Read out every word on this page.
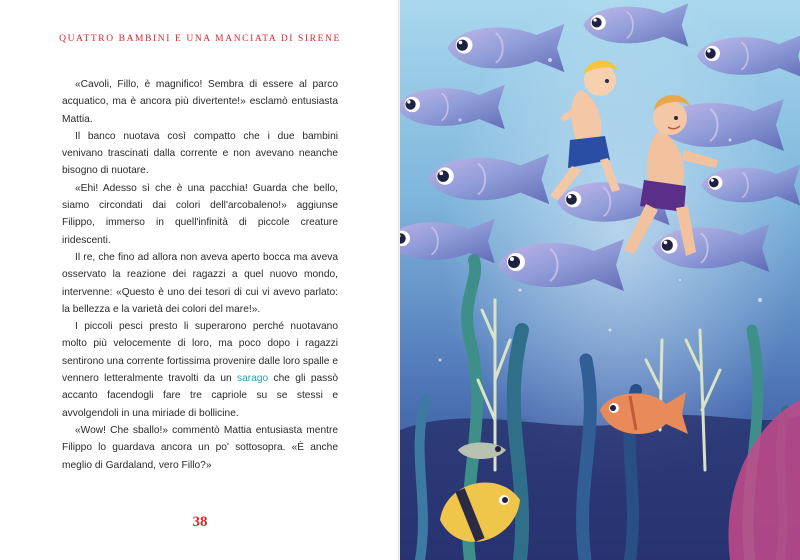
QUATTRO BAMBINI E UNA MANCIATA DI SIRENE

«Cavoli, Fillo, è magnifico! Sembra di essere al parco acquatico, ma è ancora più divertente!» esclamò entusiasta Mattia.

Il banco nuotava così compatto che i due bambini venivano trascinati dalla corrente e non avevano neanche bisogno di nuotare.

«Ehi! Adesso sì che è una pacchia! Guarda che bello, siamo circondati dai colori dell'arcobaleno!» aggiunse Filippo, immerso in quell'infinità di piccole creature iridescenti.

Il re, che fino ad allora non aveva aperto bocca ma aveva osservato la reazione dei ragazzi a quel nuovo mondo, intervenne: «Questo è uno dei tesori di cui vi avevo parlato: la bellezza e la varietà dei colori del mare!».

I piccoli pesci presto li superarono perché nuotavano molto più velocemente di loro, ma poco dopo i ragazzi sentirono una corrente fortissima provenire dalle loro spalle e vennero letteralmente travolti da un sarago che gli passò accanto facendogli fare tre capriole su se stessi e avvolgendoli in una miriade di bollicine.

«Wow! Che sballo!» commentò Mattia entusiasta mentre Filippo lo guardava ancora un po' sottosopra. «È anche meglio di Gardaland, vero Fillo?»

38
